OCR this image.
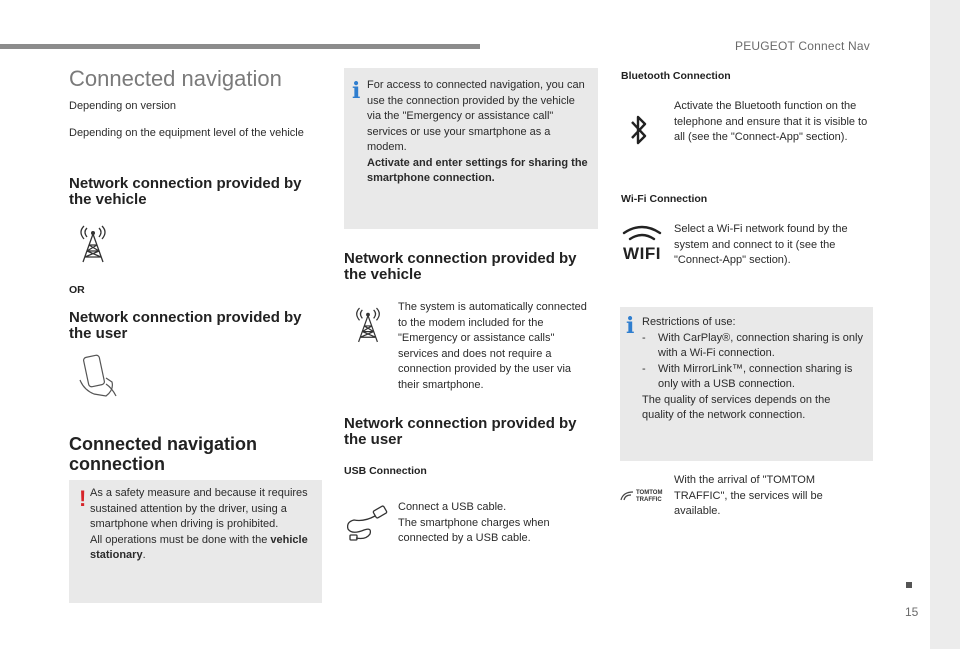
PEUGEOT Connect Nav
15
Connected navigation
Depending on version
Depending on the equipment level of the vehicle
Network connection provided by the vehicle
OR
Network connection provided by the user
Connected navigation connection
! As a safety measure and because it requires sustained attention by the driver, using a smartphone when driving is prohibited.
All operations must be done with the vehicle stationary.
i For access to connected navigation, you can use the connection provided by the vehicle via the "Emergency or assistance call" services or use your smartphone as a modem.
Activate and enter settings for sharing the smartphone connection.
Network connection provided by the vehicle
The system is automatically connected to the modem included for the "Emergency or assistance calls" services and does not require a connection provided by the user via their smartphone.
Network connection provided by the user
USB Connection
Connect a USB cable.
The smartphone charges when connected by a USB cable.
Bluetooth Connection
Activate the Bluetooth function on the telephone and ensure that it is visible to all (see the "Connect-App" section).
Wi-Fi Connection
WIFI
Select a Wi-Fi network found by the system and connect to it (see the "Connect-App" section).
i Restrictions of use:

-	With CarPlay®, connection sharing is only with a Wi-Fi connection.
-	With MirrorLink™, connection sharing is only with a USB connection.

The quality of services depends on the quality of the network connection.

TOMTOM
TRAFFIC
With the arrival of "TOMTOM TRAFFIC", the services will be available.
